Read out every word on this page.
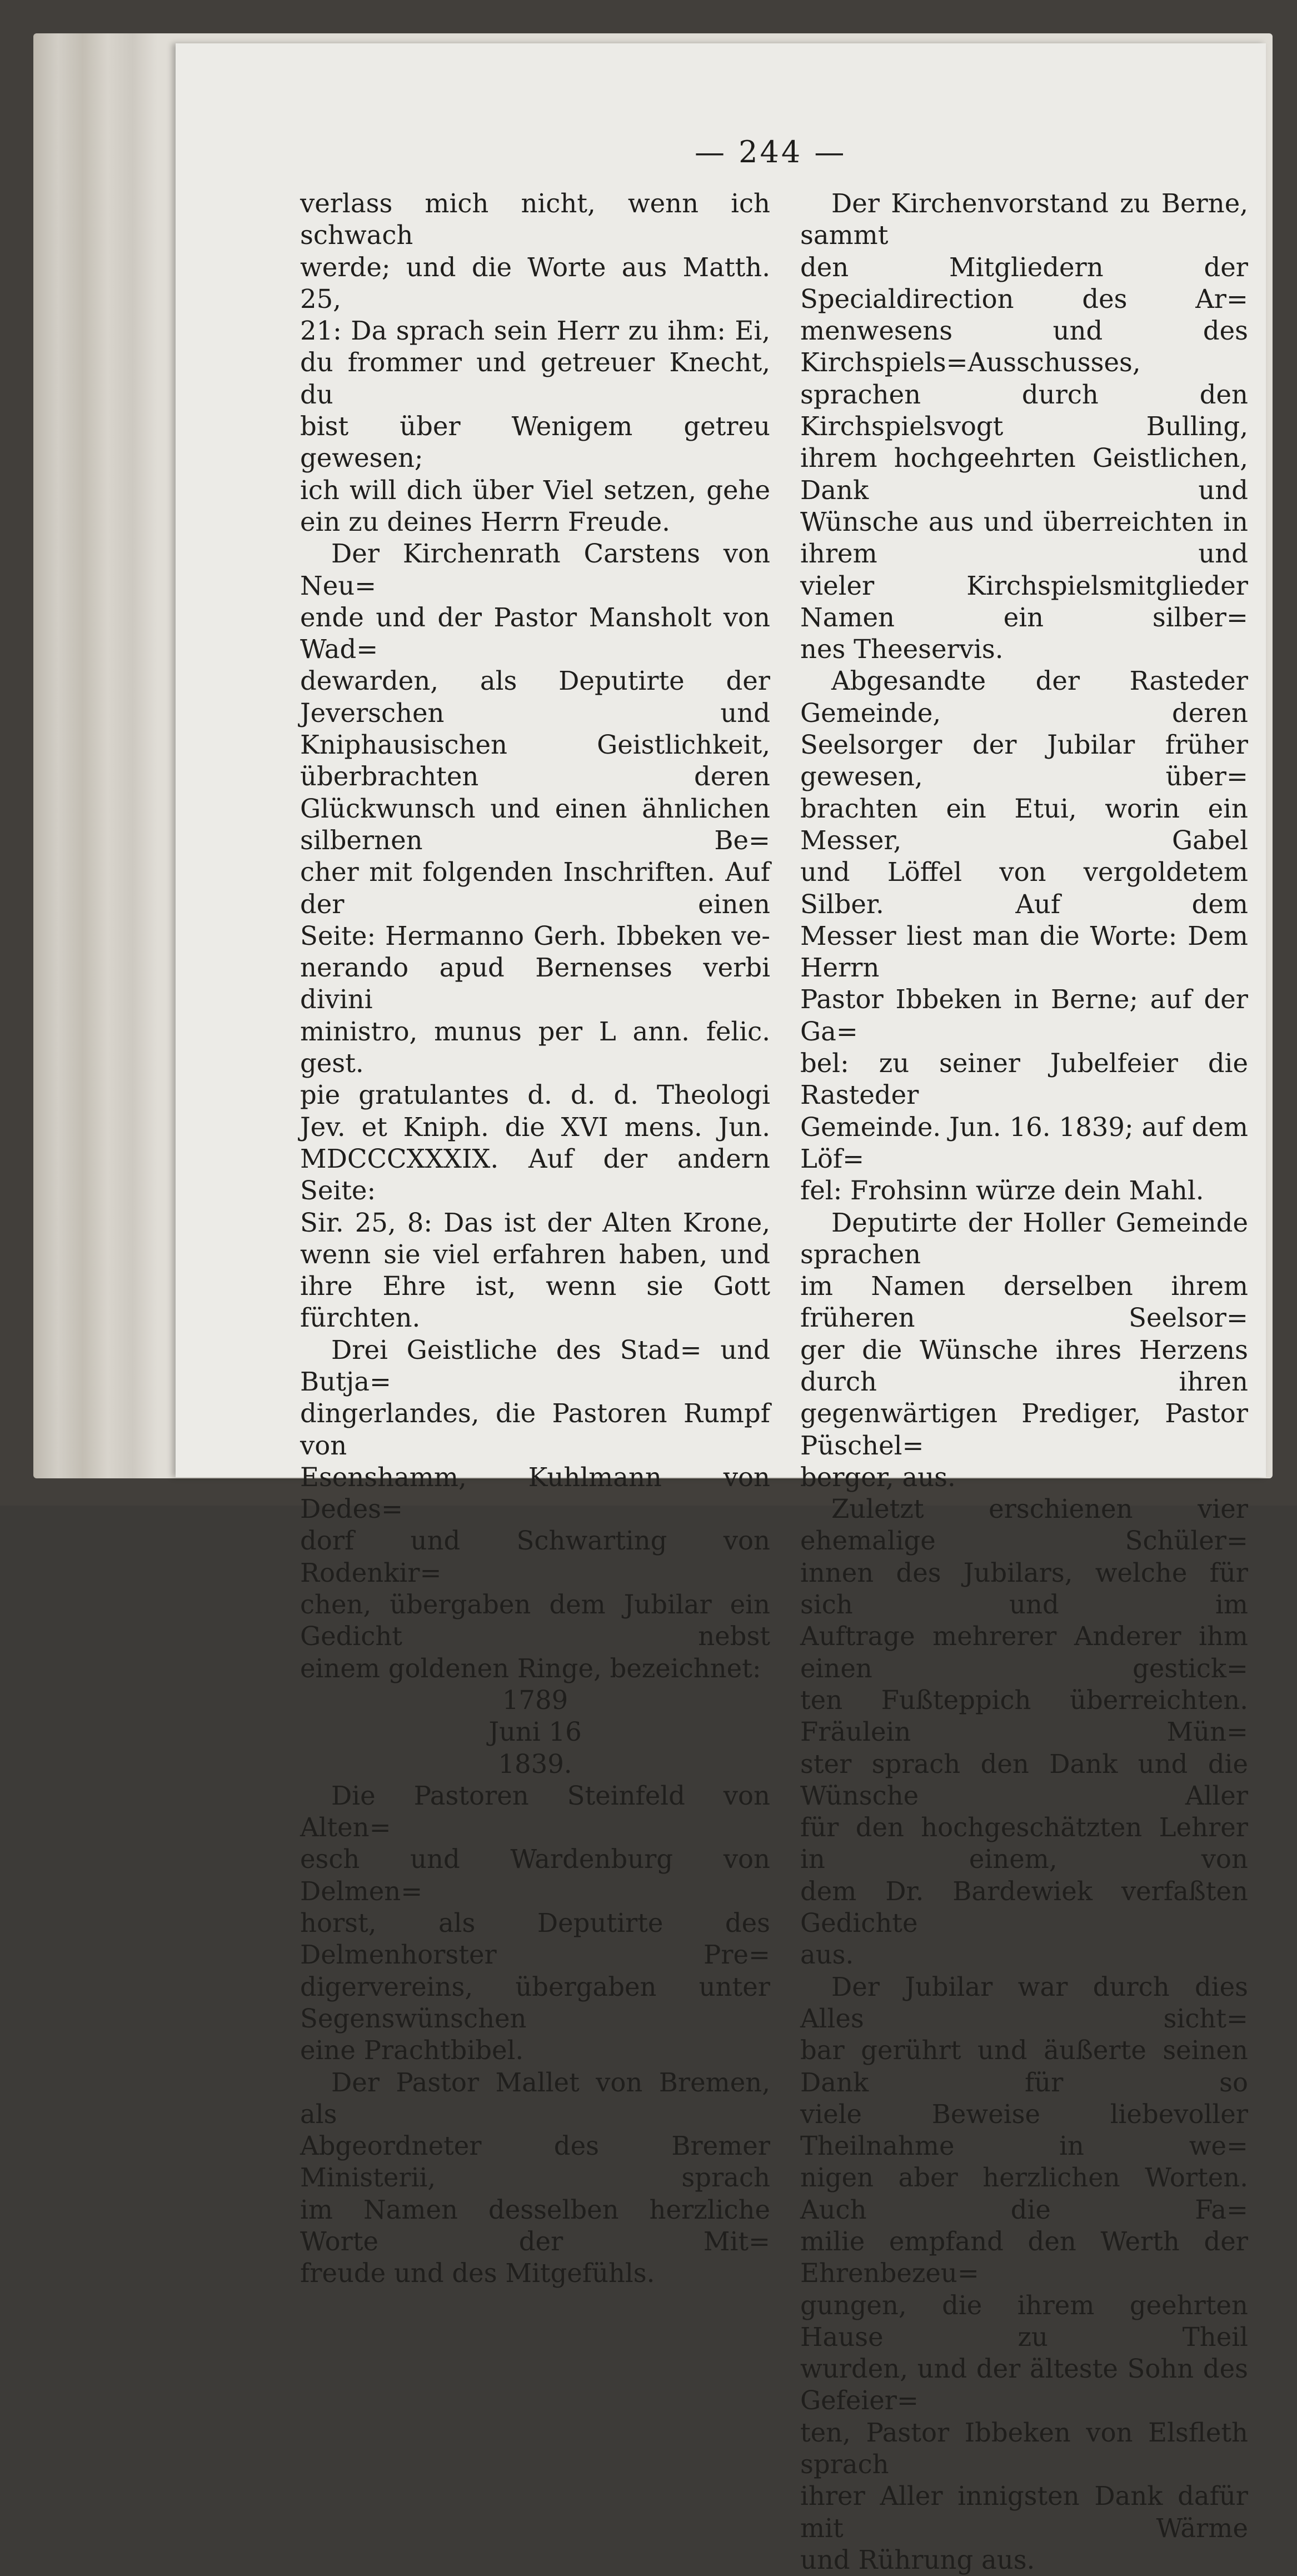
— 244 —

verlass mich nicht, wenn ich schwach

werde; und die Worte aus Matth. 25,

21: Da sprach sein Herr zu ihm: Ei,

du frommer und getreuer Knecht, du

bist über Wenigem getreu gewesen;

ich will dich über Viel setzen, gehe

ein zu deines Herrn Freude.

Der Kirchenrath Carstens von Neu=

ende und der Pastor Mansholt von Wad=

dewarden, als Deputirte der Jeverschen und

Kniphausischen Geistlichkeit, überbrachten deren

Glückwunsch und einen ähnlichen silbernen Be=

cher mit folgenden Inschriften. Auf der einen

Seite: Hermanno Gerh. Ibbeken ve-

nerando apud Bernenses verbi divini

ministro, munus per L ann. felic. gest.

pie gratulantes d. d. d. Theologi

Jev. et Kniph. die XVI mens. Jun.

MDCCCXXXIX. Auf der andern Seite:

Sir. 25, 8: Das ist der Alten Krone,

wenn sie viel erfahren haben, und

ihre Ehre ist, wenn sie Gott fürchten.

Drei Geistliche des Stad= und Butja=

dingerlandes, die Pastoren Rumpf von

Esenshamm, Kuhlmann von Dedes=

dorf und Schwarting von Rodenkir=

chen, übergaben dem Jubilar ein Gedicht nebst

einem goldenen Ringe, bezeichnet:

1789

Juni 16

1839.

Die Pastoren Steinfeld von Alten=

esch und Wardenburg von Delmen=

horst, als Deputirte des Delmenhorster Pre=

digervereins, übergaben unter Segenswünschen

eine Prachtbibel.

Der Pastor Mallet von Bremen, als

Abgeordneter des Bremer Ministerii, sprach

im Namen desselben herzliche Worte der Mit=

freude und des Mitgefühls.

Der Kirchenvorstand zu Berne, sammt

den Mitgliedern der Specialdirection des Ar=

menwesens und des Kirchspiels=Ausschusses,

sprachen durch den Kirchspielsvogt Bulling,

ihrem hochgeehrten Geistlichen, Dank und

Wünsche aus und überreichten in ihrem und

vieler Kirchspielsmitglieder Namen ein silber=

nes Theeservis.

Abgesandte der Rasteder Gemeinde, deren

Seelsorger der Jubilar früher gewesen, über=

brachten ein Etui, worin ein Messer, Gabel

und Löffel von vergoldetem Silber. Auf dem

Messer liest man die Worte: Dem Herrn

Pastor Ibbeken in Berne; auf der Ga=

bel: zu seiner Jubelfeier die Rasteder

Gemeinde. Jun. 16. 1839; auf dem Löf=

fel: Frohsinn würze dein Mahl.

Deputirte der Holler Gemeinde sprachen

im Namen derselben ihrem früheren Seelsor=

ger die Wünsche ihres Herzens durch ihren

gegenwärtigen Prediger, Pastor Püschel=

berger, aus.

Zuletzt erschienen vier ehemalige Schüler=

innen des Jubilars, welche für sich und im

Auftrage mehrerer Anderer ihm einen gestick=

ten Fußteppich überreichten. Fräulein Mün=

ster sprach den Dank und die Wünsche Aller

für den hochgeschätzten Lehrer in einem, von

dem Dr. Bardewiek verfaßten Gedichte

aus.

Der Jubilar war durch dies Alles sicht=

bar gerührt und äußerte seinen Dank für so

viele Beweise liebevoller Theilnahme in we=

nigen aber herzlichen Worten. Auch die Fa=

milie empfand den Werth der Ehrenbezeu=

gungen, die ihrem geehrten Hause zu Theil

wurden, und der älteste Sohn des Gefeier=

ten, Pastor Ibbeken von Elsfleth sprach

ihrer Aller innigsten Dank dafür mit Wärme

und Rührung aus.
